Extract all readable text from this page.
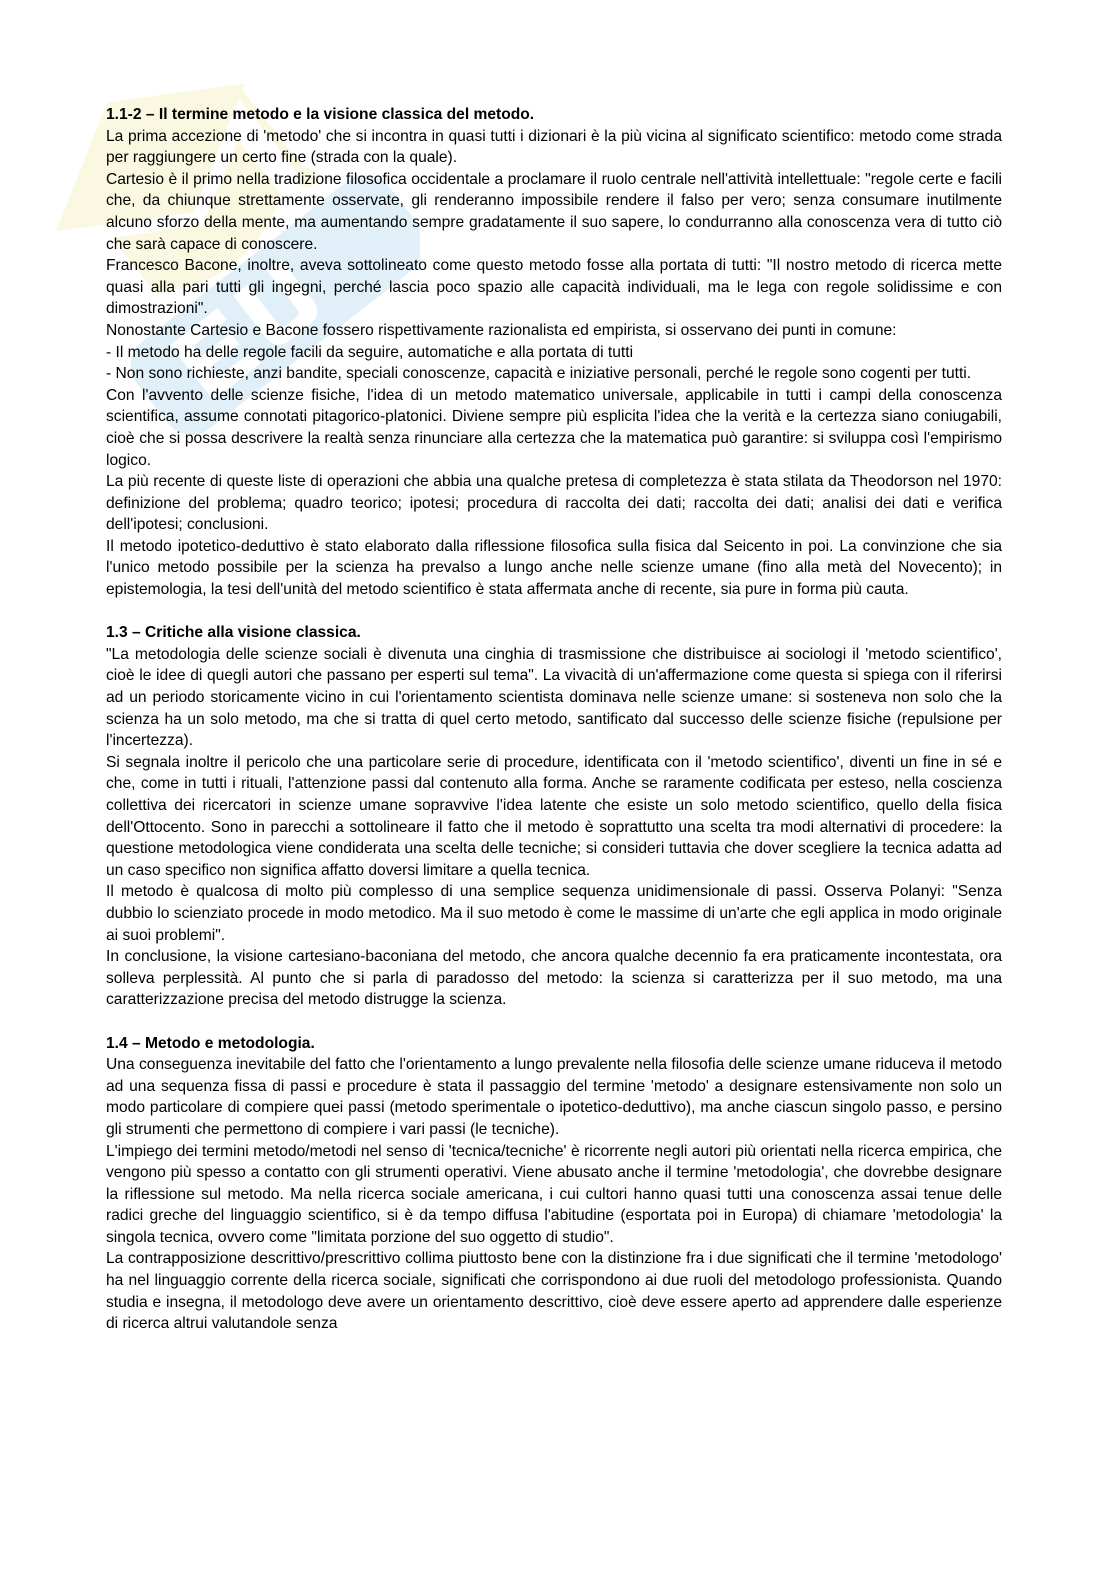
1.1-2 – Il termine metodo e la visione classica del metodo.

La prima accezione di 'metodo' che si incontra in quasi tutti i dizionari è la più vicina al significato scientifico: metodo come strada per raggiungere un certo fine (strada con la quale).

Cartesio è il primo nella tradizione filosofica occidentale a proclamare il ruolo centrale nell'attività intellettuale: "regole certe e facili che, da chiunque strettamente osservate, gli renderanno impossibile rendere il falso per vero; senza consumare inutilmente alcuno sforzo della mente, ma aumentando sempre gradatamente il suo sapere, lo condurranno alla conoscenza vera di tutto ciò che sarà capace di conoscere.

Francesco Bacone, inoltre, aveva sottolineato come questo metodo fosse alla portata di tutti: "Il nostro metodo di ricerca mette quasi alla pari tutti gli ingegni, perché lascia poco spazio alle capacità individuali, ma le lega con regole solidissime e con dimostrazioni".

Nonostante Cartesio e Bacone fossero rispettivamente razionalista ed empirista, si osservano dei punti in comune:

- Il metodo ha delle regole facili da seguire, automatiche e alla portata di tutti

- Non sono richieste, anzi bandite, speciali conoscenze, capacità e iniziative personali, perché le regole sono cogenti per tutti.

Con l'avvento delle scienze fisiche, l'idea di un metodo matematico universale, applicabile in tutti i campi della conoscenza scientifica, assume connotati pitagorico-platonici. Diviene sempre più esplicita l'idea che la verità e la certezza siano coniugabili, cioè che si possa descrivere la realtà senza rinunciare alla certezza che la matematica può garantire: si sviluppa così l'empirismo logico.

La più recente di queste liste di operazioni che abbia una qualche pretesa di completezza è stata stilata da Theodorson nel 1970: definizione del problema; quadro teorico; ipotesi; procedura di raccolta dei dati; raccolta dei dati; analisi dei dati e verifica dell'ipotesi; conclusioni.

Il metodo ipotetico-deduttivo è stato elaborato dalla riflessione filosofica sulla fisica dal Seicento in poi. La convinzione che sia l'unico metodo possibile per la scienza ha prevalso a lungo anche nelle scienze umane (fino alla metà del Novecento); in epistemologia, la tesi dell'unità del metodo scientifico è stata affermata anche di recente, sia pure in forma più cauta.

1.3 – Critiche alla visione classica.

"La metodologia delle scienze sociali è divenuta una cinghia di trasmissione che distribuisce ai sociologi il 'metodo scientifico', cioè le idee di quegli autori che passano per esperti sul tema". La vivacità di un'affermazione come questa si spiega con il riferirsi ad un periodo storicamente vicino in cui l'orientamento scientista dominava nelle scienze umane: si sosteneva non solo che la scienza ha un solo metodo, ma che si tratta di quel certo metodo, santificato dal successo delle scienze fisiche (repulsione per l'incertezza).

Si segnala inoltre il pericolo che una particolare serie di procedure, identificata con il 'metodo scientifico', diventi un fine in sé e che, come in tutti i rituali, l'attenzione passi dal contenuto alla forma. Anche se raramente codificata per esteso, nella coscienza collettiva dei ricercatori in scienze umane sopravvive l'idea latente che esiste un solo metodo scientifico, quello della fisica dell'Ottocento. Sono in parecchi a sottolineare il fatto che il metodo è soprattutto una scelta tra modi alternativi di procedere: la questione metodologica viene condiderata una scelta delle tecniche; si consideri tuttavia che dover scegliere la tecnica adatta ad un caso specifico non significa affatto doversi limitare a quella tecnica.

Il metodo è qualcosa di molto più complesso di una semplice sequenza unidimensionale di passi. Osserva Polanyi: "Senza dubbio lo scienziato procede in modo metodico. Ma il suo metodo è come le massime di un'arte che egli applica in modo originale ai suoi problemi".

In conclusione, la visione cartesiano-baconiana del metodo, che ancora qualche decennio fa era praticamente incontestata, ora solleva perplessità. Al punto che si parla di paradosso del metodo: la scienza si caratterizza per il suo metodo, ma una caratterizzazione precisa del metodo distrugge la scienza.

1.4 – Metodo e metodologia.

Una conseguenza inevitabile del fatto che l'orientamento a lungo prevalente nella filosofia delle scienze umane riduceva il metodo ad una sequenza fissa di passi e procedure è stata il passaggio del termine 'metodo' a designare estensivamente non solo un modo particolare di compiere quei passi (metodo sperimentale o ipotetico-deduttivo), ma anche ciascun singolo passo, e persino gli strumenti che permettono di compiere i vari passi (le tecniche).

L'impiego dei termini metodo/metodi nel senso di 'tecnica/tecniche' è ricorrente negli autori più orientati nella ricerca empirica, che vengono più spesso a contatto con gli strumenti operativi. Viene abusato anche il termine 'metodologia', che dovrebbe designare la riflessione sul metodo. Ma nella ricerca sociale americana, i cui cultori hanno quasi tutti una conoscenza assai tenue delle radici greche del linguaggio scientifico, si è da tempo diffusa l'abitudine (esportata poi in Europa) di chiamare 'metodologia' la singola tecnica, ovvero come "limitata porzione del suo oggetto di studio".

La contrapposizione descrittivo/prescrittivo collima piuttosto bene con la distinzione fra i due significati che il termine 'metodologo' ha nel linguaggio corrente della ricerca sociale, significati che corrispondono ai due ruoli del metodologo professionista. Quando studia e insegna, il metodologo deve avere un orientamento descrittivo, cioè deve essere aperto ad apprendere dalle esperienze di ricerca altrui valutandole senza
